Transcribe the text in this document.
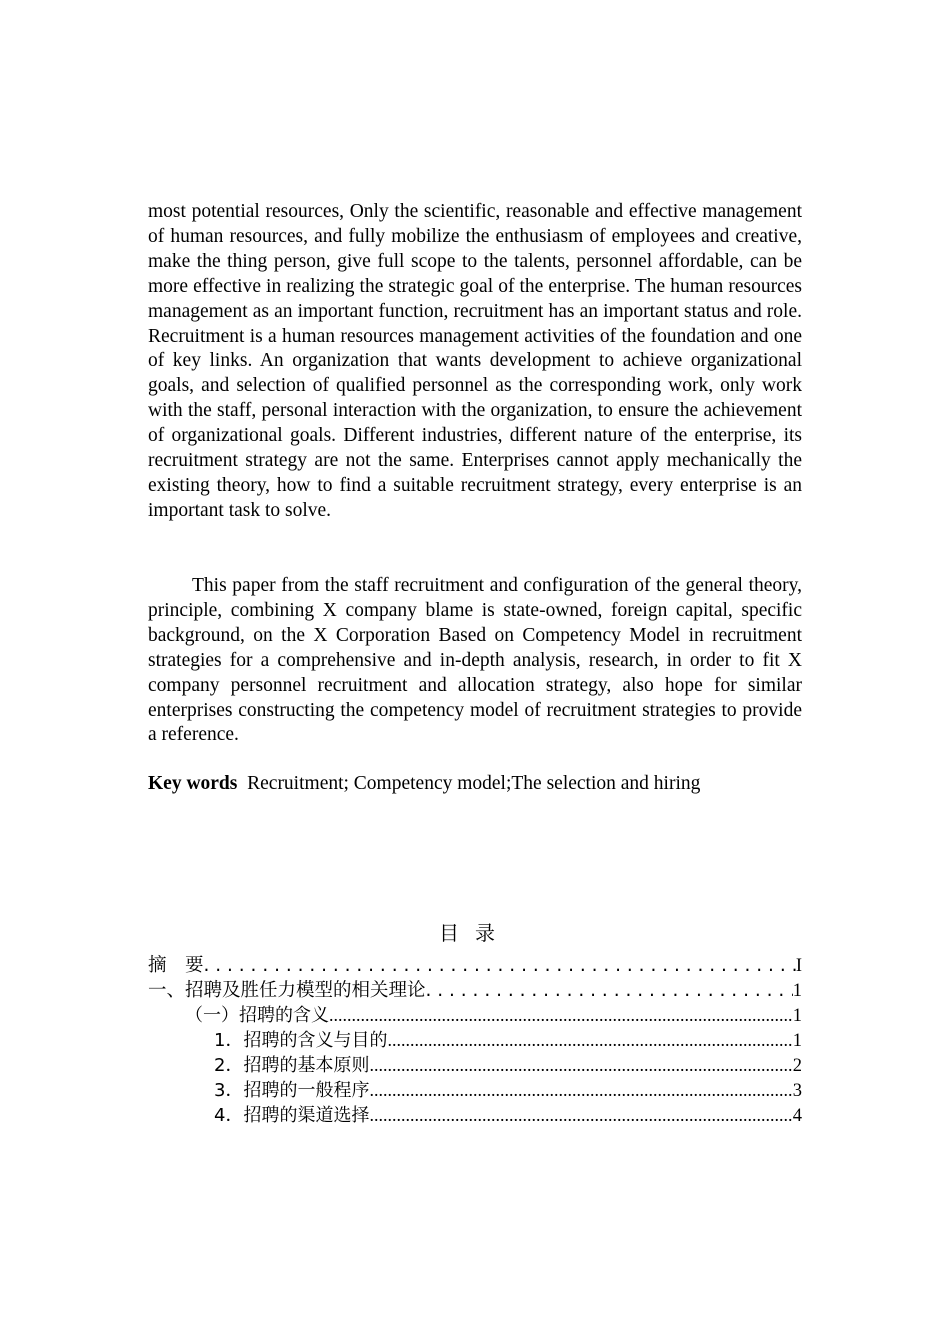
most potential resources, Only the scientific, reasonable and effective management of human resources, and fully mobilize the enthusiasm of employees and creative, make the thing person, give full scope to the talents, personnel affordable, can be more effective in realizing the strategic goal of the enterprise. The human resources management as an important function, recruitment has an important status and role. Recruitment is a human resources management activities of the foundation and one of key links. An organization that wants development to achieve organizational goals, and selection of qualified personnel as the corresponding work, only work with the staff, personal interaction with the organization, to ensure the achievement of organizational goals. Different industries, different nature of the enterprise, its recruitment strategy are not the same. Enterprises cannot apply mechanically the existing theory, how to find a suitable recruitment strategy, every enterprise is an important task to solve.

This paper from the staff recruitment and configuration of the general theory, principle, combining X company blame is state-owned, foreign capital, specific background, on the X Corporation Based on Competency Model in recruitment strategies for a comprehensive and in-depth analysis, research, in order to fit X company personnel recruitment and allocation strategy, also hope for similar enterprises constructing the competency model of recruitment strategies to provide a reference.

Key words Recruitment; Competency model;The selection and hiring
目录
摘　要 . . .	I
一、招聘及胜任力模型的相关理论 . . .	1
（一）招聘的含义 .....	1
1．招聘的含义与目的 .....	1
2．招聘的基本原则 .....	2
3．招聘的一般程序 .....	3
4．招聘的渠道选择 .....	4
